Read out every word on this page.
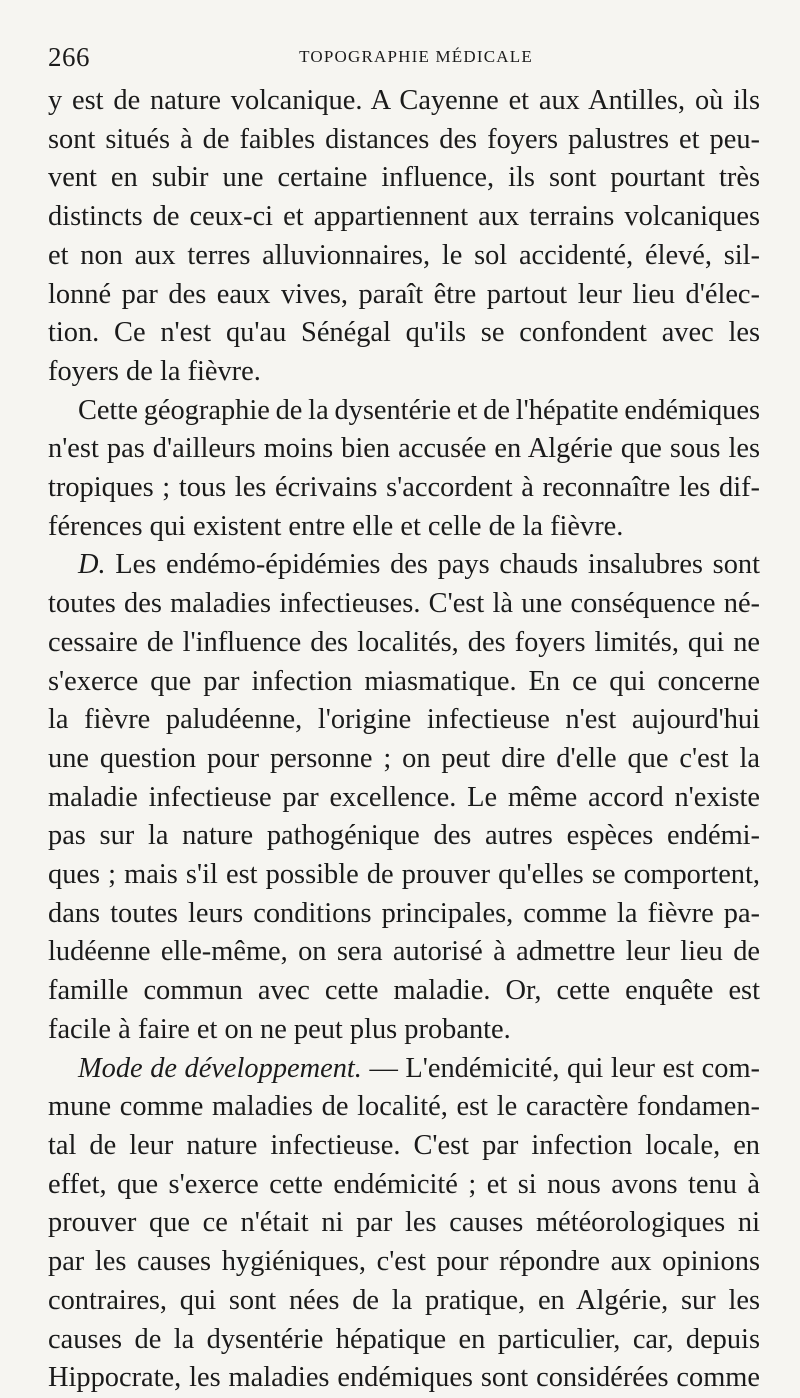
266	TOPOGRAPHIE MÉDICALE
y est de nature volcanique. A Cayenne et aux Antilles, où ils
sont situés à de faibles distances des foyers palustres et peu-
vent en subir une certaine influence, ils sont pourtant très
distincts de ceux-ci et appartiennent aux terrains volcaniques
et non aux terres alluvionnaires, le sol accidenté, élevé, sil-
lonné par des eaux vives, paraît être partout leur lieu d'élec-
tion. Ce n'est qu'au Sénégal qu'ils se confondent avec les
foyers de la fièvre.
Cette géographie de la dysentérie et de l'hépatite endémiques
n'est pas d'ailleurs moins bien accusée en Algérie que sous les
tropiques ; tous les écrivains s'accordent à reconnaître les dif-
férences qui existent entre elle et celle de la fièvre.
D. Les endémo-épidémies des pays chauds insalubres sont
toutes des maladies infectieuses. C'est là une conséquence né-
cessaire de l'influence des localités, des foyers limités, qui ne
s'exerce que par infection miasmatique. En ce qui concerne
la fièvre paludéenne, l'origine infectieuse n'est aujourd'hui
une question pour personne ; on peut dire d'elle que c'est la
maladie infectieuse par excellence. Le même accord n'existe
pas sur la nature pathogénique des autres espèces endémi-
ques ; mais s'il est possible de prouver qu'elles se comportent,
dans toutes leurs conditions principales, comme la fièvre pa-
ludéenne elle-même, on sera autorisé à admettre leur lieu de
famille commun avec cette maladie. Or, cette enquête est
facile à faire et on ne peut plus probante.
Mode de développement. — L'endémicité, qui leur est com-
mune comme maladies de localité, est le caractère fondamen-
tal de leur nature infectieuse. C'est par infection locale, en
effet, que s'exerce cette endémicité ; et si nous avons tenu à
prouver que ce n'était ni par les causes météorologiques ni
par les causes hygiéniques, c'est pour répondre aux opinions
contraires, qui sont nées de la pratique, en Algérie, sur les
causes de la dysentérie hépatique en particulier, car, depuis
Hippocrate, les maladies endémiques sont considérées comme
